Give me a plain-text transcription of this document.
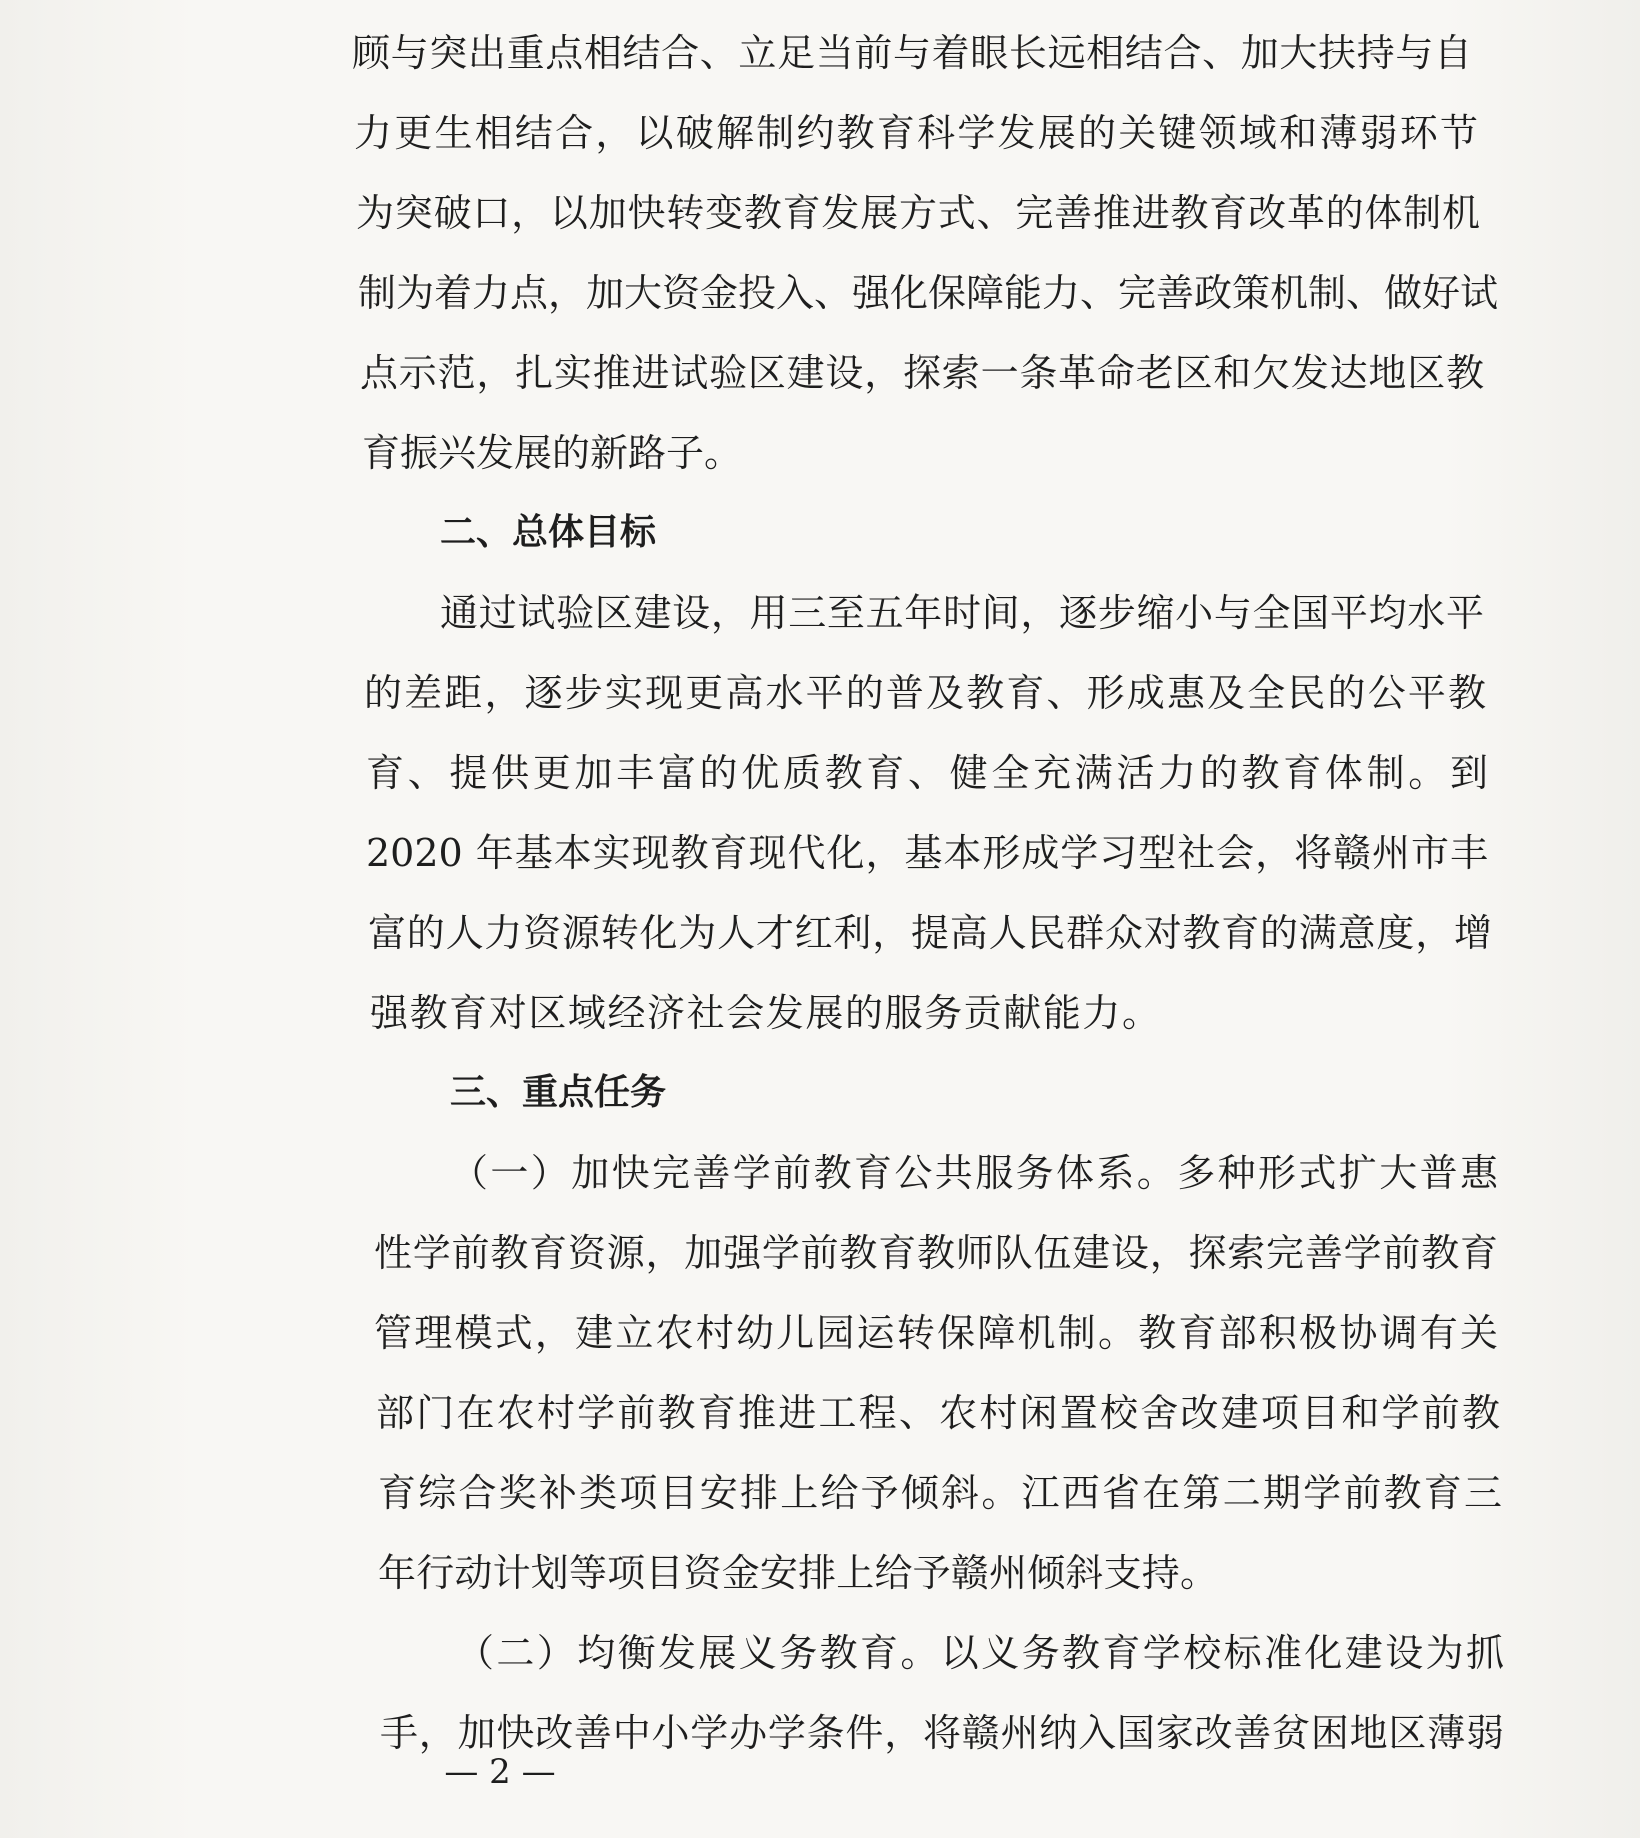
顾与突出重点相结合、立足当前与着眼长远相结合、加大扶持与自
力更生相结合，以破解制约教育科学发展的关键领域和薄弱环节
为突破口，以加快转变教育发展方式、完善推进教育改革的体制机
制为着力点，加大资金投入、强化保障能力、完善政策机制、做好试
点示范，扎实推进试验区建设，探索一条革命老区和欠发达地区教
育振兴发展的新路子。
二、总体目标
通过试验区建设，用三至五年时间，逐步缩小与全国平均水平
的差距，逐步实现更高水平的普及教育、形成惠及全民的公平教
育、提供更加丰富的优质教育、健全充满活力的教育体制。到
2020 年基本实现教育现代化，基本形成学习型社会，将赣州市丰
富的人力资源转化为人才红利，提高人民群众对教育的满意度，增
强教育对区域经济社会发展的服务贡献能力。
三、重点任务
（一）加快完善学前教育公共服务体系。多种形式扩大普惠
性学前教育资源，加强学前教育教师队伍建设，探索完善学前教育
管理模式，建立农村幼儿园运转保障机制。教育部积极协调有关
部门在农村学前教育推进工程、农村闲置校舍改建项目和学前教
育综合奖补类项目安排上给予倾斜。江西省在第二期学前教育三
年行动计划等项目资金安排上给予赣州倾斜支持。
（二）均衡发展义务教育。以义务教育学校标准化建设为抓
手，加快改善中小学办学条件，将赣州纳入国家改善贫困地区薄弱
— 2 —
